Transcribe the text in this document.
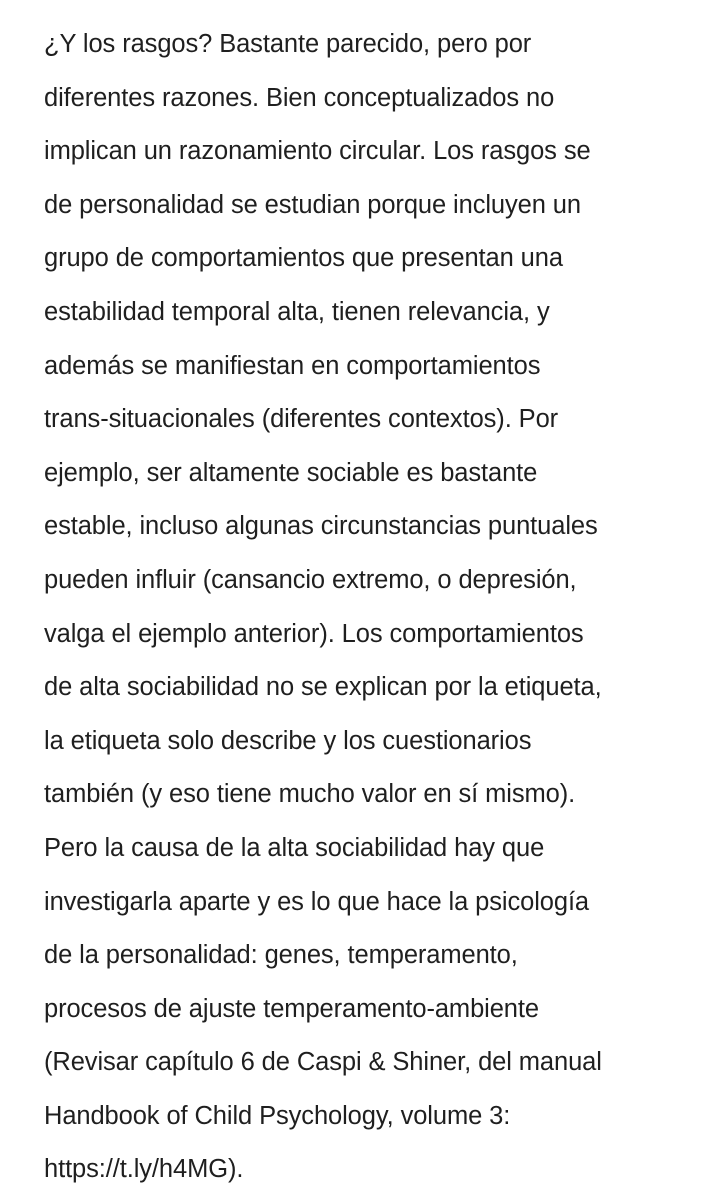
¿Y los rasgos? Bastante parecido, pero por
diferentes razones. Bien conceptualizados no
implican un razonamiento circular. Los rasgos se
de personalidad se estudian porque incluyen un
grupo de comportamientos que presentan una
estabilidad temporal alta, tienen relevancia, y
además se manifiestan en comportamientos
trans-situacionales (diferentes contextos). Por
ejemplo, ser altamente sociable es bastante
estable, incluso algunas circunstancias puntuales
pueden influir (cansancio extremo, o depresión,
valga el ejemplo anterior). Los comportamientos
de alta sociabilidad no se explican por la etiqueta,
la etiqueta solo describe y los cuestionarios
también (y eso tiene mucho valor en sí mismo).
Pero la causa de la alta sociabilidad hay que
investigarla aparte y es lo que hace la psicología
de la personalidad: genes, temperamento,
procesos de ajuste temperamento-ambiente
(Revisar capítulo 6 de Caspi & Shiner, del manual
Handbook of Child Psychology, volume 3:
https://t.ly/h4MG).
